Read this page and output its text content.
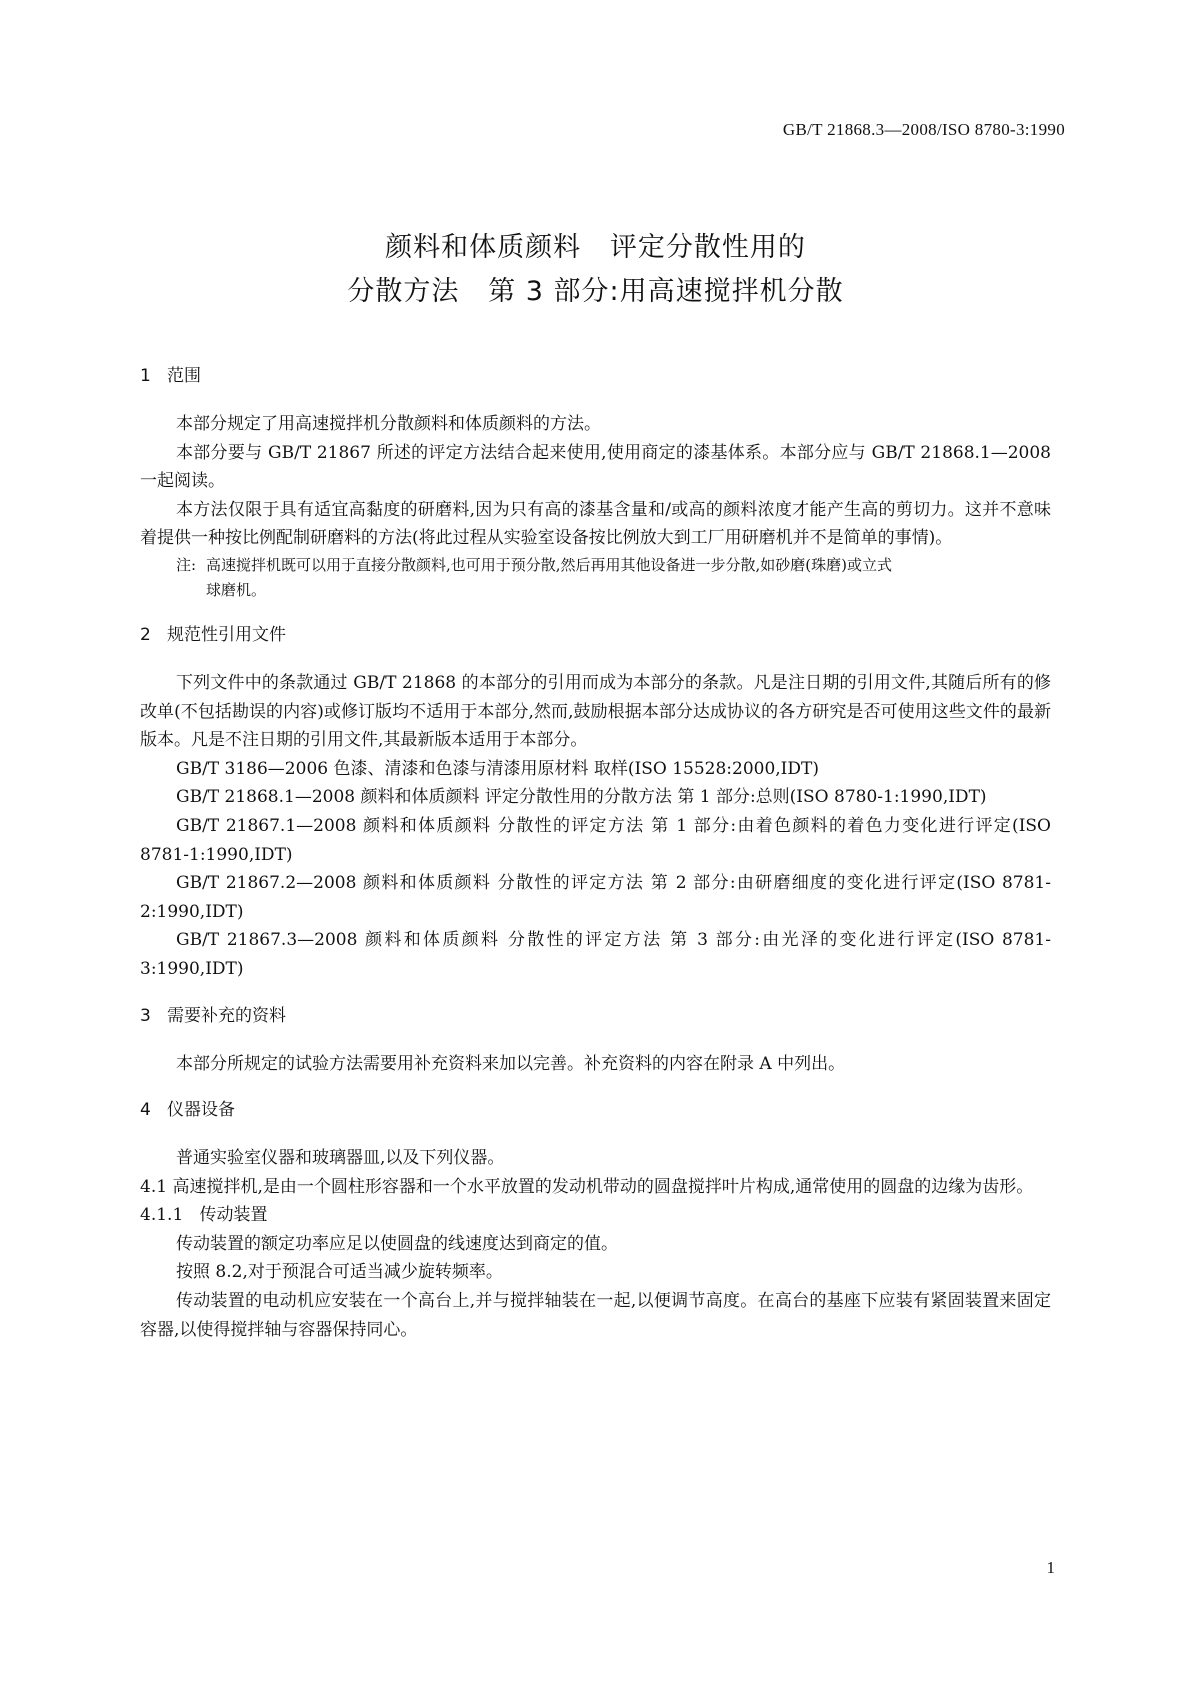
GB/T 21868.3—2008/ISO 8780-3:1990
颜料和体质颜料   评定分散性用的
分散方法   第 3 部分:用高速搅拌机分散
1   范围

本部分规定了用高速搅拌机分散颜料和体质颜料的方法。

本部分要与 GB/T 21867 所述的评定方法结合起来使用,使用商定的漆基体系。本部分应与 GB/T 21868.1—2008 一起阅读。

本方法仅限于具有适宜高黏度的研磨料,因为只有高的漆基含量和/或高的颜料浓度才能产生高的剪切力。这并不意味着提供一种按比例配制研磨料的方法(将此过程从实验室设备按比例放大到工厂用研磨机并不是简单的事情)。

注: 高速搅拌机既可以用于直接分散颜料,也可用于预分散,然后再用其他设备进一步分散,如砂磨(珠磨)或立式
球磨机。

2   规范性引用文件

下列文件中的条款通过 GB/T 21868 的本部分的引用而成为本部分的条款。凡是注日期的引用文件,其随后所有的修改单(不包括勘误的内容)或修订版均不适用于本部分,然而,鼓励根据本部分达成协议的各方研究是否可使用这些文件的最新版本。凡是不注日期的引用文件,其最新版本适用于本部分。

GB/T 3186—2006 色漆、清漆和色漆与清漆用原材料 取样(ISO 15528:2000,IDT)

GB/T 21868.1—2008 颜料和体质颜料 评定分散性用的分散方法 第 1 部分:总则(ISO 8780-1:1990,IDT)

GB/T 21867.1—2008 颜料和体质颜料 分散性的评定方法 第 1 部分:由着色颜料的着色力变化进行评定(ISO 8781-1:1990,IDT)

GB/T 21867.2—2008 颜料和体质颜料 分散性的评定方法 第 2 部分:由研磨细度的变化进行评定(ISO 8781-2:1990,IDT)

GB/T 21867.3—2008 颜料和体质颜料 分散性的评定方法 第 3 部分:由光泽的变化进行评定(ISO 8781-3:1990,IDT)

3   需要补充的资料

本部分所规定的试验方法需要用补充资料来加以完善。补充资料的内容在附录 A 中列出。

4   仪器设备

普通实验室仪器和玻璃器皿,以及下列仪器。

4.1 高速搅拌机,是由一个圆柱形容器和一个水平放置的发动机带动的圆盘搅拌叶片构成,通常使用的圆盘的边缘为齿形。

4.1.1   传动装置

传动装置的额定功率应足以使圆盘的线速度达到商定的值。

按照 8.2,对于预混合可适当减少旋转频率。

传动装置的电动机应安装在一个高台上,并与搅拌轴装在一起,以便调节高度。在高台的基座下应装有紧固装置来固定容器,以使得搅拌轴与容器保持同心。

1
